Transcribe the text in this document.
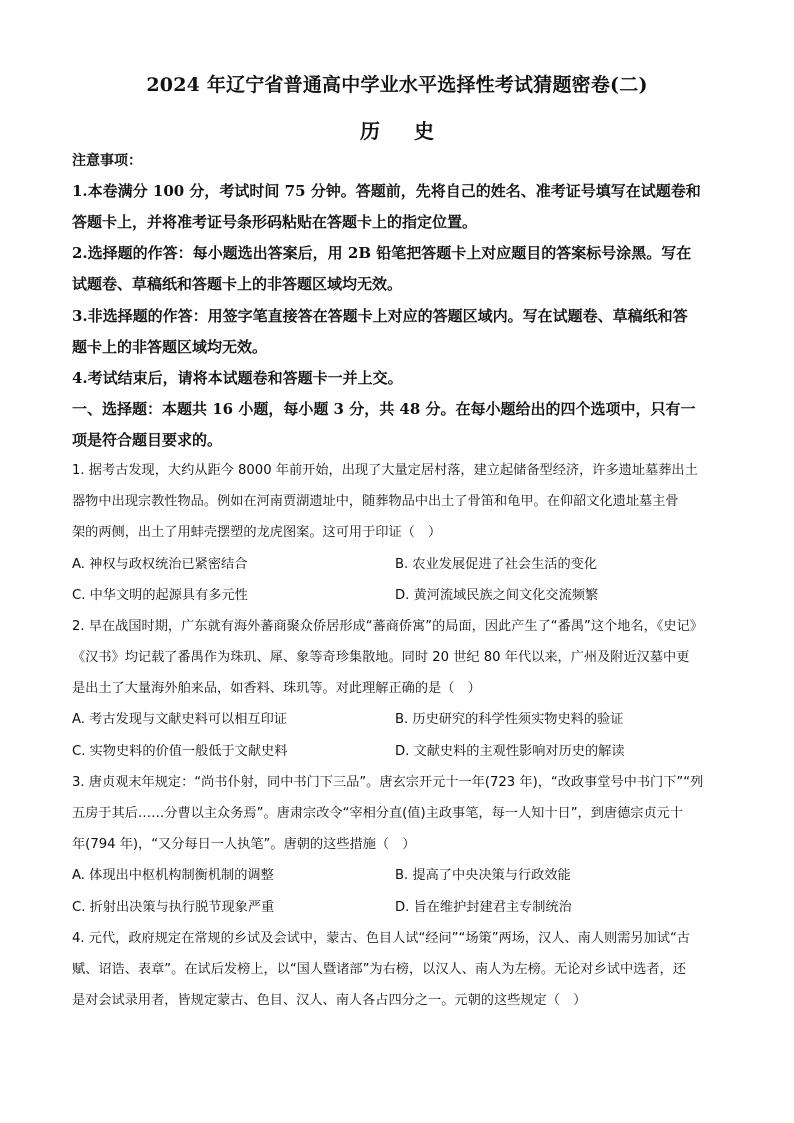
2024 年辽宁省普通高中学业水平选择性考试猜题密卷(二)
历 史
注意事项：
1.本卷满分 100 分，考试时间 75 分钟。答题前，先将自己的姓名、准考证号填写在试题卷和
答题卡上，并将准考证号条形码粘贴在答题卡上的指定位置。
2.选择题的作答：每小题选出答案后，用 2B 铅笔把答题卡上对应题目的答案标号涂黑。写在
试题卷、草稿纸和答题卡上的非答题区域均无效。
3.非选择题的作答：用签字笔直接答在答题卡上对应的答题区域内。写在试题卷、草稿纸和答
题卡上的非答题区域均无效。
4.考试结束后，请将本试题卷和答题卡一并上交。
一、选择题：本题共 16 小题，每小题 3 分，共 48 分。在每小题给出的四个选项中，只有一
项是符合题目要求的。
1. 据考古发现，大约从距今 8000 年前开始，出现了大量定居村落，建立起储备型经济，许多遗址墓葬出土
器物中出现宗教性物品。例如在河南贾湖遗址中，随葬物品中出土了骨笛和龟甲。在仰韶文化遗址墓主骨
架的两侧，出土了用蚌壳摆塑的龙虎图案。这可用于印证（　）
A. 神权与政权统治已紧密结合	B. 农业发展促进了社会生活的变化
C. 中华文明的起源具有多元性	D. 黄河流域民族之间文化交流频繁
2. 早在战国时期，广东就有海外蕃商聚众侨居形成“蕃商侨寓”的局面，因此产生了“番禺”这个地名，《史记》
《汉书》均记载了番禺作为珠玑、犀、象等奇珍集散地。同时 20 世纪 80 年代以来，广州及附近汉墓中更
是出土了大量海外舶来品，如香料、珠玑等。对此理解正确的是（　）
A. 考古发现与文献史料可以相互印证	B. 历史研究的科学性须实物史料的验证
C. 实物史料的价值一般低于文献史料	D. 文献史料的主观性影响对历史的解读
3. 唐贞观末年规定：“尚书仆射，同中书门下三品”。唐玄宗开元十一年(723 年)，“改政事堂号中书门下”“列
五房于其后……分曹以主众务焉”。唐肃宗改令“宰相分直(值)主政事笔，每一人知十日”，到唐德宗贞元十
年(794 年)，“又分每日一人执笔”。唐朝的这些措施（　）
A. 体现出中枢机构制衡机制的调整	B. 提高了中央决策与行政效能
C. 折射出决策与执行脱节现象严重	D. 旨在维护封建君主专制统治
4. 元代，政府规定在常规的乡试及会试中，蒙古、色目人试“经问”“场策”两场，汉人、南人则需另加试“古
赋、诏诰、表章”。在试后发榜上，以“国人暨诸部”为右榜，以汉人、南人为左榜。无论对乡试中选者，还
是对会试录用者，皆规定蒙古、色目、汉人、南人各占四分之一。元朝的这些规定（　）
